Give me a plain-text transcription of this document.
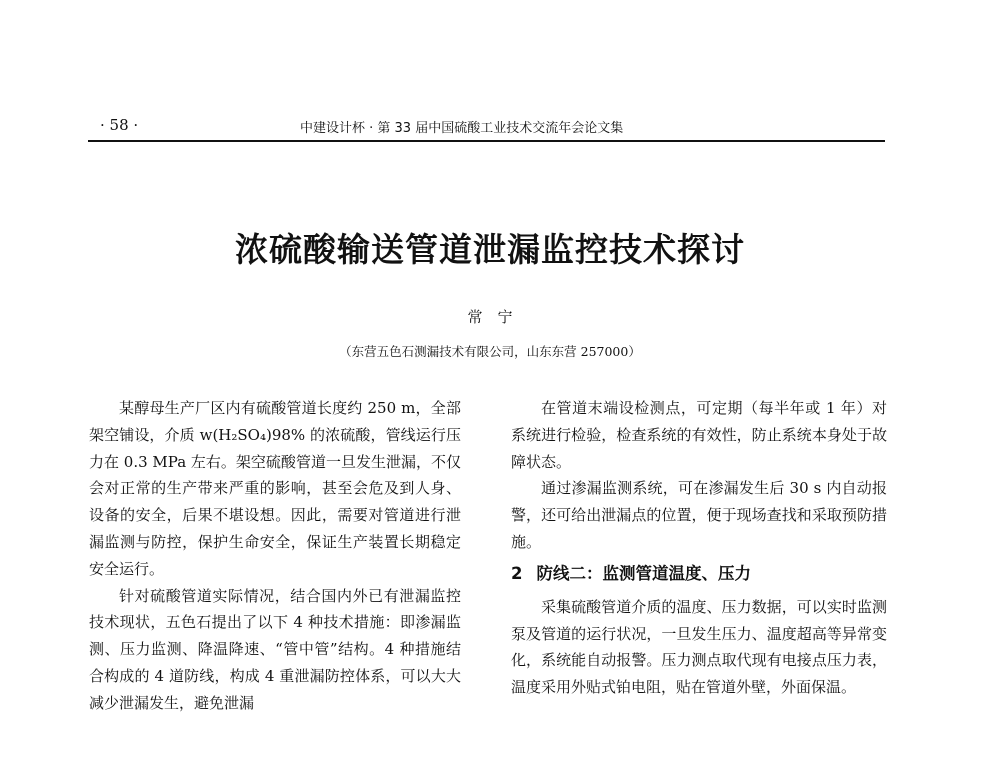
· 58 ·	中建设计杯 · 第 33 届中国硫酸工业技术交流年会论文集
浓硫酸输送管道泄漏监控技术探讨
常　宁
（东营五色石测漏技术有限公司，山东东营 257000）

某醇母生产厂区内有硫酸管道长度约 250 m，全部架空铺设，介质 w(H₂SO₄)98% 的浓硫酸，管线运行压力在 0.3 MPa 左右。架空硫酸管道一旦发生泄漏，不仅会对正常的生产带来严重的影响，甚至会危及到人身、设备的安全，后果不堪设想。因此，需要对管道进行泄漏监测与防控，保护生命安全，保证生产装置长期稳定安全运行。

针对硫酸管道实际情况，结合国内外已有泄漏监控技术现状，五色石提出了以下 4 种技术措施：即渗漏监测、压力监测、降温降速、“管中管”结构。4 种措施结合构成的 4 道防线，构成 4 重泄漏防控体系，可以大大减少泄漏发生，避免泄漏

在管道末端设检测点，可定期（每半年或 1 年）对系统进行检验，检查系统的有效性，防止系统本身处于故障状态。

通过渗漏监测系统，可在渗漏发生后 30 s 内自动报警，还可给出泄漏点的位置，便于现场查找和采取预防措施。

2 防线二：监测管道温度、压力

采集硫酸管道介质的温度、压力数据，可以实时监测泵及管道的运行状况，一旦发生压力、温度超高等异常变化，系统能自动报警。压力测点取代现有电接点压力表，温度采用外贴式铂电阻，贴在管道外壁，外面保温。
